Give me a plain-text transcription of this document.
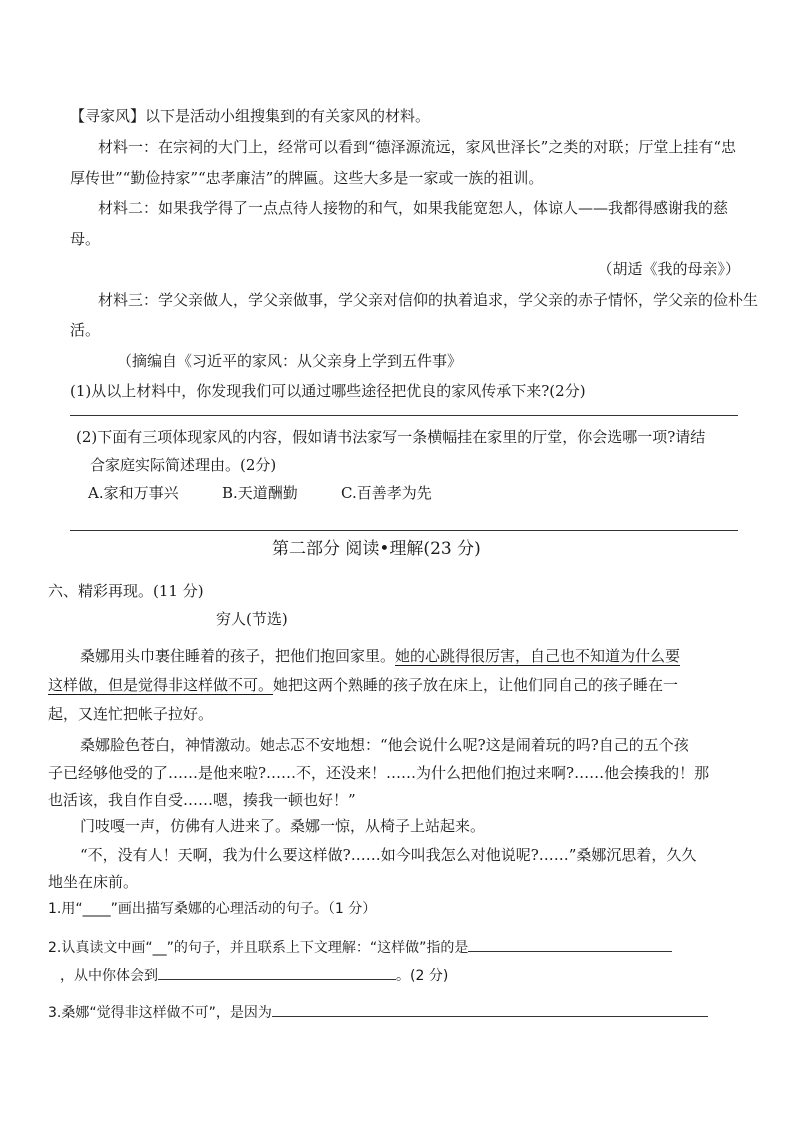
【寻家风】以下是活动小组搜集到的有关家风的材料。
材料一：在宗祠的大门上，经常可以看到“德泽源流远，家风世泽长”之类的对联；厅堂上挂有“忠
厚传世”“勤俭持家”“忠孝廉洁”的牌匾。这些大多是一家或一族的祖训。
材料二：如果我学得了一点点待人接物的和气，如果我能宽恕人，体谅人——我都得感谢我的慈
母。
（胡适《我的母亲》）
材料三：学父亲做人，学父亲做事，学父亲对信仰的执着追求，学父亲的赤子情怀，学父亲的俭朴生
活。
（摘编自《习近平的家风：从父亲身上学到五件事》
(1)从以上材料中，你发现我们可以通过哪些途径把优良的家风传承下来?(2分)
(2)下面有三项体现家风的内容，假如请书法家写一条横幅挂在家里的厅堂，你会选哪一项?请结
合家庭实际简述理由。(2分)
A.家和万事兴	B.天道酬勤	C.百善孝为先
第二部分 阅读•理解(23 分)
六、精彩再现。(11 分)
穷人(节选)
桑娜用头巾裹住睡着的孩子，把他们抱回家里。她的心跳得很厉害，自己也不知道为什么要
这样做，但是觉得非这样做不可。她把这两个熟睡的孩子放在床上，让他们同自己的孩子睡在一
起，又连忙把帐子拉好。
桑娜脸色苍白，神情激动。她忐忑不安地想：“他会说什么呢?这是闹着玩的吗?自己的五个孩
子已经够他受的了……是他来啦?……不，还没来！……为什么把他们抱过来啊?……他会揍我的！那
也活该，我自作自受……嗯，揍我一顿也好！”
门吱嘎一声，仿佛有人进来了。桑娜一惊，从椅子上站起来。
“不，没有人！天啊，我为什么要这样做?……如今叫我怎么对他说呢?……”桑娜沉思着，久久
地坐在床前。
1.用“____”画出描写桑娜的心理活动的句子。（1 分）
2.认真读文中画“__”的句子，并且联系上下文理解：“这样做”指的是
，从中你体会到	。(2 分)
3.桑娜“觉得非这样做不可”，是因为
